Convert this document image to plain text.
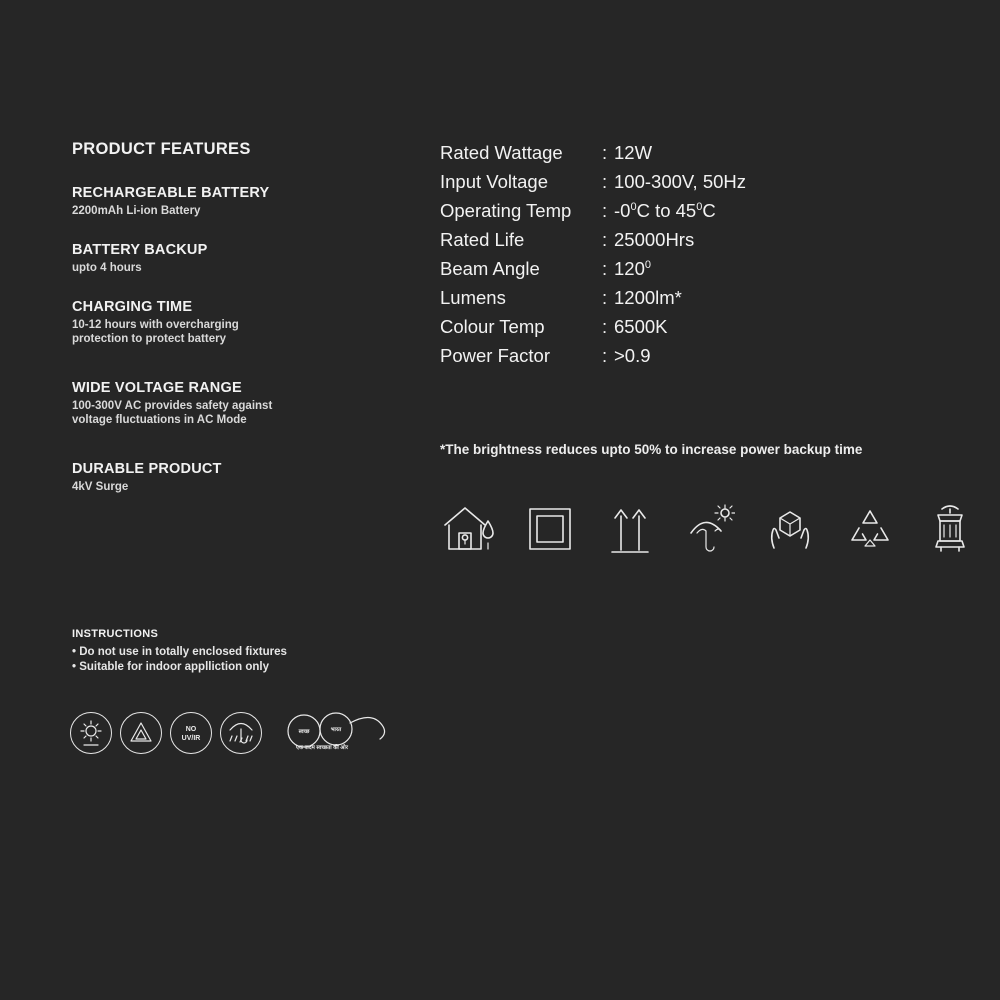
PRODUCT FEATURES
RECHARGEABLE BATTERY
2200mAh Li-ion Battery
BATTERY BACKUP
upto 4 hours
CHARGING TIME
10-12 hours with overcharging
protection to protect battery
WIDE VOLTAGE RANGE
100-300V AC provides safety against
voltage fluctuations in AC Mode
DURABLE PRODUCT
4kV Surge
INSTRUCTIONS
• Do not use in totally enclosed fixtures
• Suitable for indoor applliction only
Rated Wattage	: 12W
Input Voltage	: 100-300V, 50Hz
Operating Temp	: $-0^0C$ to $45^0C$
Rated Life	: 25000Hrs
Beam Angle	: $120^0$
Lumens	: 1200lm*
Colour Temp	: 6500K
Power Factor	: >0.9
*The brightness reduces upto 50% to increase power backup time
NO
UV/IR
स्वच्छ	भारत
एक कदम स्वच्छता की ओर
